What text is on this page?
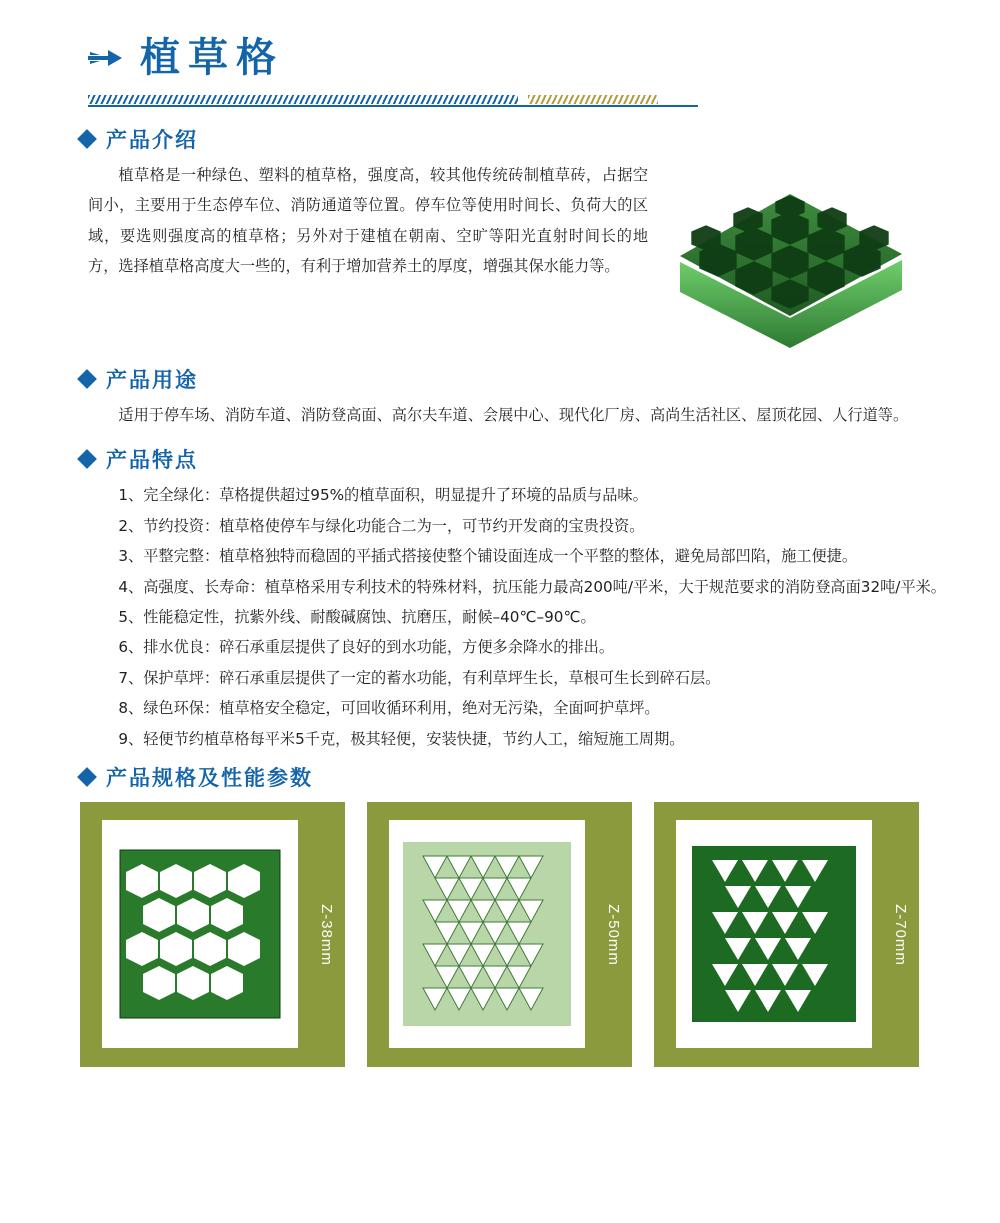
植草格
产品介绍

植草格是一种绿色、塑料的植草格，强度高，较其他传统砖制植草砖，占据空间小，主要用于生态停车位、消防通道等位置。停车位等使用时间长、负荷大的区域，要选则强度高的植草格；另外对于建植在朝南、空旷等阳光直射时间长的地方，选择植草格高度大一些的，有利于增加营养土的厚度，增强其保水能力等。

产品用途

适用于停车场、消防车道、消防登高面、高尔夫车道、会展中心、现代化厂房、高尚生活社区、屋顶花园、人行道等。

产品特点
1、完全绿化：草格提供超过95%的植草面积，明显提升了环境的品质与品味。
2、节约投资：植草格使停车与绿化功能合二为一，可节约开发商的宝贵投资。
3、平整完整：植草格独特而稳固的平插式搭接使整个铺设面连成一个平整的整体，避免局部凹陷，施工便捷。
4、高强度、长寿命：植草格采用专利技术的特殊材料，抗压能力最高200吨/平米，大于规范要求的消防登高面32吨/平米。
5、性能稳定性，抗紫外线、耐酸碱腐蚀、抗磨压，耐候–40℃–90℃。
6、排水优良：碎石承重层提供了良好的到水功能，方便多余降水的排出。
7、保护草坪：碎石承重层提供了一定的蓄水功能，有利草坪生长，草根可生长到碎石层。
8、绿色环保：植草格安全稳定，可回收循环利用，绝对无污染，全面呵护草坪。
9、轻便节约植草格每平米5千克，极其轻便，安装快捷，节约人工，缩短施工周期。
产品规格及性能参数
Z-38mm	Z-50mm	Z-70mm
